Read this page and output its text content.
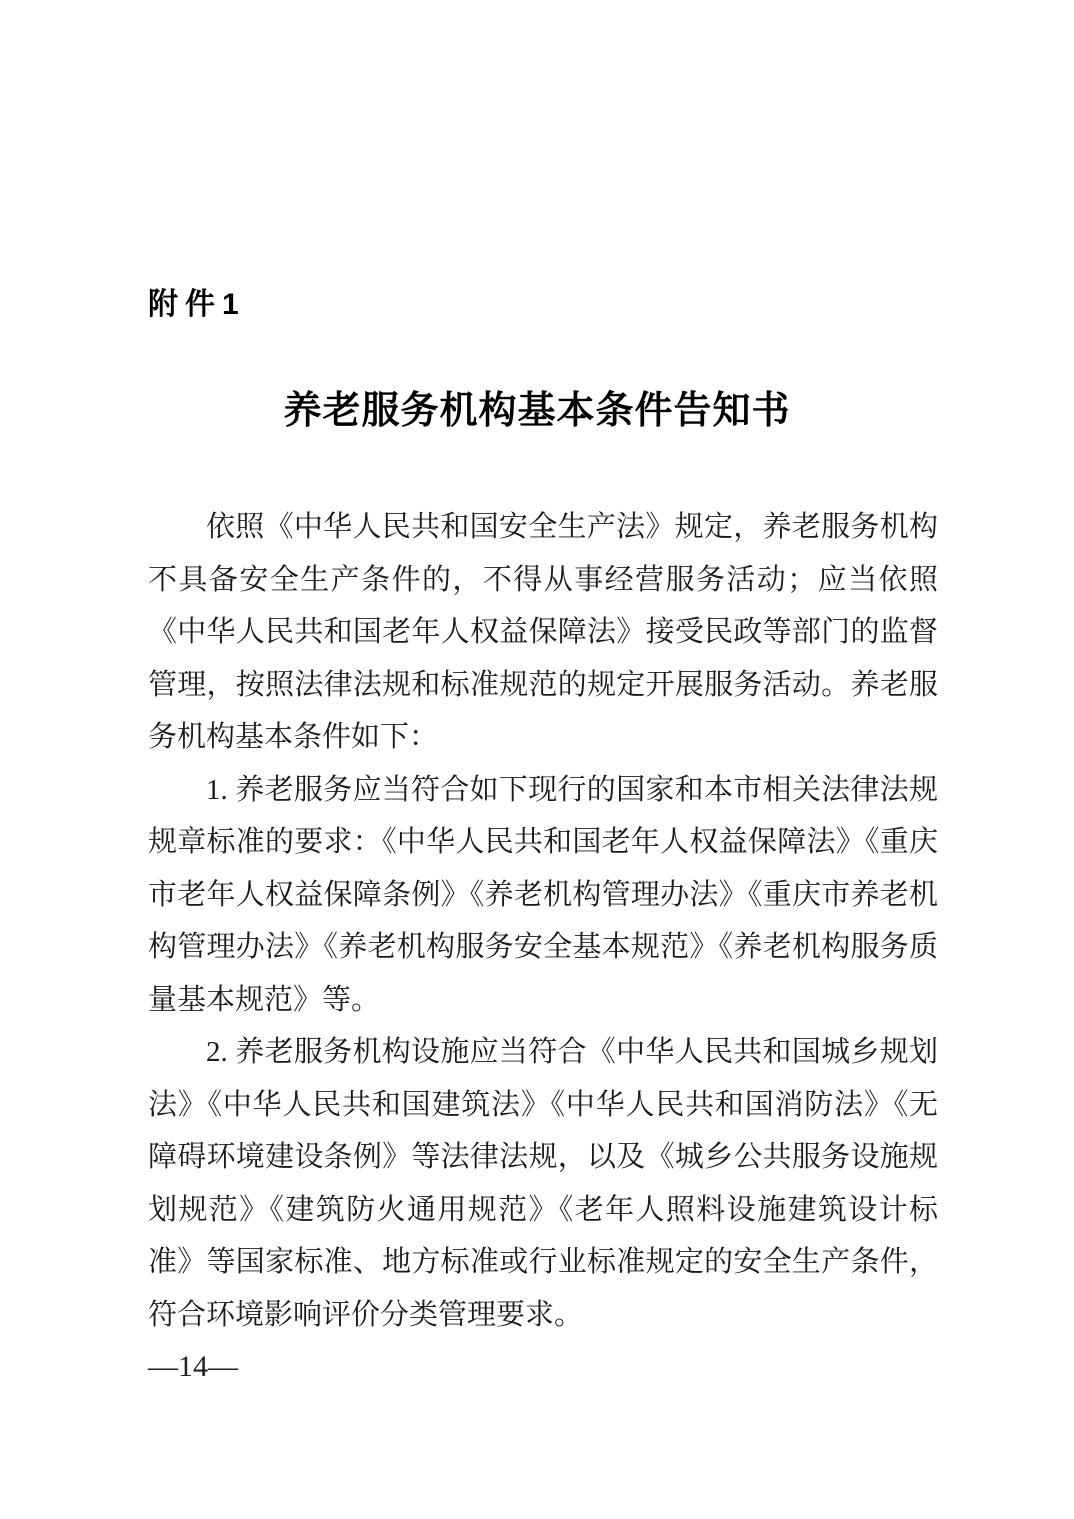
附件1
养老服务机构基本条件告知书

依照《中华人民共和国安全生产法》规定，养老服务机构不具备安全生产条件的，不得从事经营服务活动；应当依照《中华人民共和国老年人权益保障法》接受民政等部门的监督管理，按照法律法规和标准规范的规定开展服务活动。养老服务机构基本条件如下：

1. 养老服务应当符合如下现行的国家和本市相关法律法规规章标准的要求：《中华人民共和国老年人权益保障法》《重庆市老年人权益保障条例》《养老机构管理办法》《重庆市养老机构管理办法》《养老机构服务安全基本规范》《养老机构服务质量基本规范》等。

2. 养老服务机构设施应当符合《中华人民共和国城乡规划法》《中华人民共和国建筑法》《中华人民共和国消防法》《无障碍环境建设条例》等法律法规，以及《城乡公共服务设施规划规范》《建筑防火通用规范》《老年人照料设施建筑设计标准》等国家标准、地方标准或行业标准规定的安全生产条件，符合环境影响评价分类管理要求。

—14—
